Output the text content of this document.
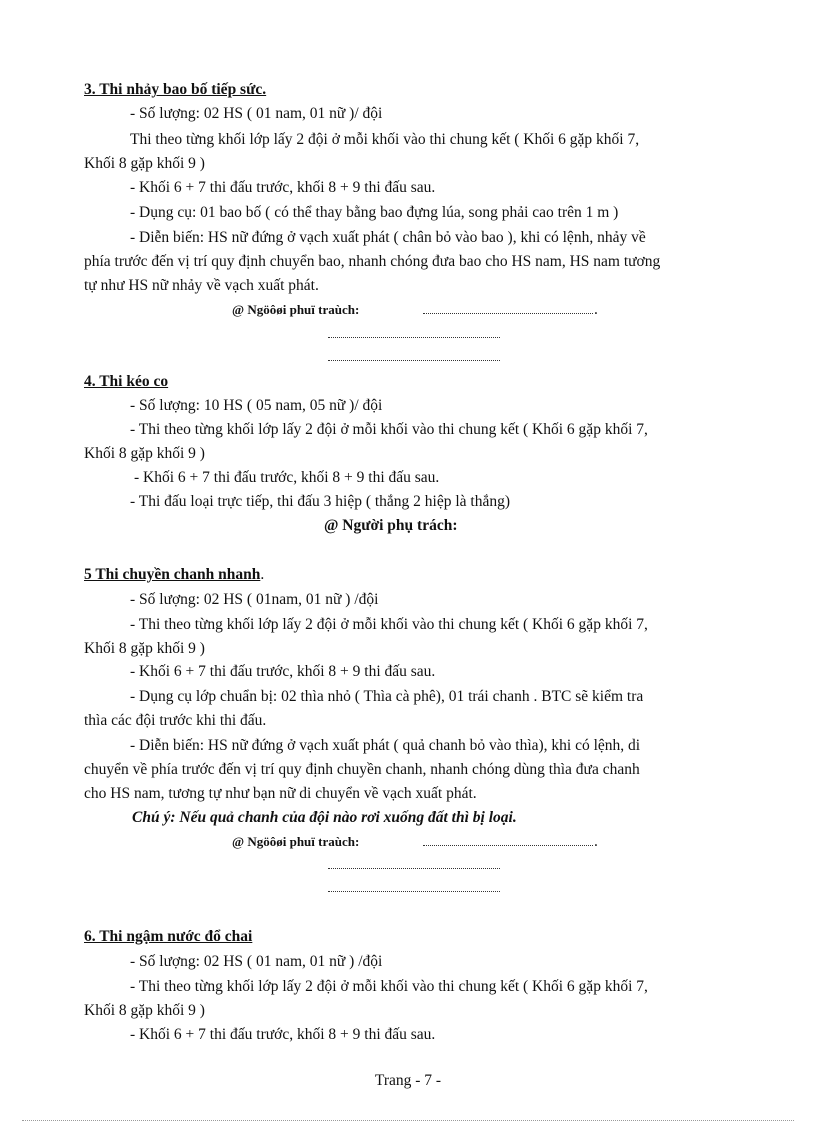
3. Thi nhảy bao bố tiếp sức.
- Số lượng: 02 HS ( 01 nam, 01 nữ )/ đội
Thi theo từng khối lớp lấy 2 đội ở mỗi khối vào thi chung kết ( Khối 6 gặp khối 7,
Khối 8 gặp khối 9 )
- Khối 6 + 7 thi đấu trước, khối 8 + 9 thi đấu sau.
- Dụng cụ: 01 bao bố ( có thể thay bằng bao đựng lúa, song phải cao trên 1 m )
- Diễn biến: HS nữ đứng ở vạch xuất phát ( chân bỏ vào bao ), khi có lệnh, nhảy về
phía trước đến vị trí quy định chuyển bao, nhanh chóng đưa bao cho HS nam, HS nam tương
tự như HS nữ nhảy về vạch xuất phát.
@ Ngöôøi phuï traùch:	.
4. Thi kéo co
- Số lượng: 10 HS ( 05 nam, 05 nữ )/ đội
- Thi theo từng khối lớp lấy 2 đội ở mỗi khối vào thi chung kết ( Khối 6 gặp khối 7,
Khối 8 gặp khối 9 )
- Khối 6 + 7 thi đấu trước, khối 8 + 9 thi đấu sau.
- Thi đấu loại trực tiếp, thi đấu 3 hiệp ( thắng 2 hiệp là thắng)
@ Người phụ trách:
5 Thi chuyền chanh nhanh.
- Số lượng: 02 HS ( 01nam, 01 nữ ) /đội
- Thi theo từng khối lớp lấy 2 đội ở mỗi khối vào thi chung kết ( Khối 6 gặp khối 7,
Khối 8 gặp khối 9 )
- Khối 6 + 7 thi đấu trước, khối 8 + 9 thi đấu sau.
- Dụng cụ lớp chuẩn bị: 02 thìa nhỏ ( Thìa cà phê), 01 trái chanh . BTC sẽ kiểm tra
thìa các đội trước khi thi đấu.
- Diễn biến: HS nữ đứng ở vạch xuất phát ( quả chanh bỏ vào thìa), khi có lệnh, di
chuyển về phía trước đến vị trí quy định chuyền chanh, nhanh chóng dùng thìa đưa chanh
cho HS nam, tương tự như bạn nữ di chuyển về vạch xuất phát.
Chú ý: Nếu quả chanh của đội nào rơi xuống đất thì bị loại.
@ Ngöôøi phuï traùch:	.
6. Thi ngậm nước đổ chai
- Số lượng: 02 HS ( 01 nam, 01 nữ ) /đội
- Thi theo từng khối lớp lấy 2 đội ở mỗi khối vào thi chung kết ( Khối 6 gặp khối 7,
Khối 8 gặp khối 9 )
- Khối 6 + 7 thi đấu trước, khối 8 + 9 thi đấu sau.
Trang - 7 -
